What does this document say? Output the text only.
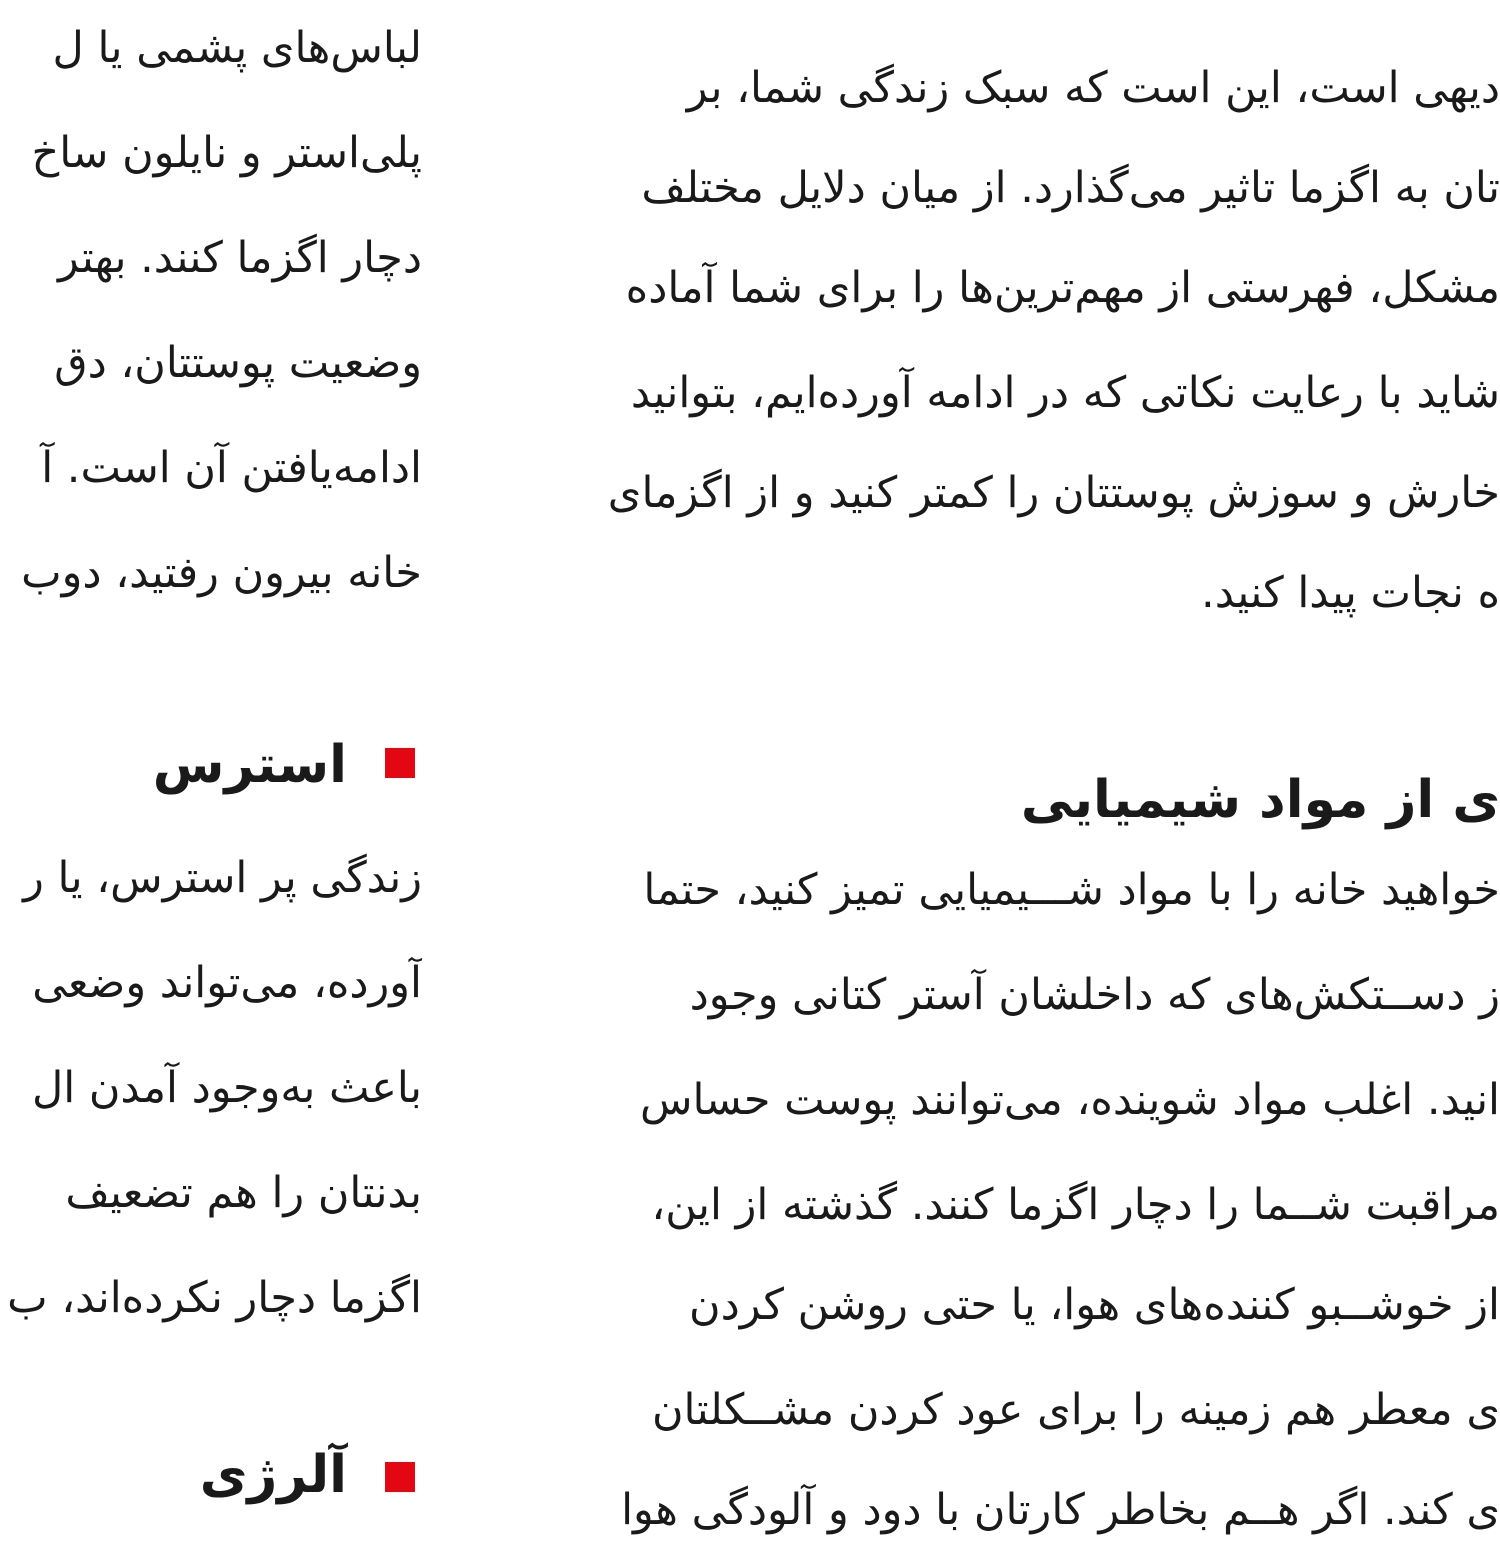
لباس‌های پشمی یا ل
پلی‌استر و نایلون ساخ
دچار اگزما کنند. بهتر
وضعیت پوستتان، دق
ادامه‌یافتن آن است. آ
خانه بیرون رفتید، دوب
استرس
زندگی پر استرس، یا ر
آورده، می‌تواند وضعی
باعث به‌وجود آمدن ال
بدنتان را هم تضعیف
اگزما دچار نکرده‌اند، ب
آلرژی
دیهی است، این است که سبک زندگی شما، بر
تان به اگزما تاثیر می‌گذارد. از میان دلایل مختلف
مشکل، فهرستی از مهم‌ترین‌ها را برای شما آماده
شاید با رعایت نکاتی که در ادامه آورده‌ایم، بتوانید
خارش و سوزش پوستتان را کمتر کنید و از اگزمای
ه نجات پیدا کنید.
ی از مواد شیمیایی
خواهید خانه را با مواد شـــیمیایی تمیز کنید، حتما
ز دســتکش‌های که داخلشان آستر کتانی وجود
انید. اغلب مواد شوینده، می‌توانند پوست حساس
مراقبت شــما را دچار اگزما کنند. گذشته از این،
از خوشــبو کننده‌های هوا، یا حتی روشن کردن
ی معطر هم زمینه را برای عود کردن مشــکلتان
ی کند. اگر هــم بخاطر کارتان با دود و آلودگی هوا
